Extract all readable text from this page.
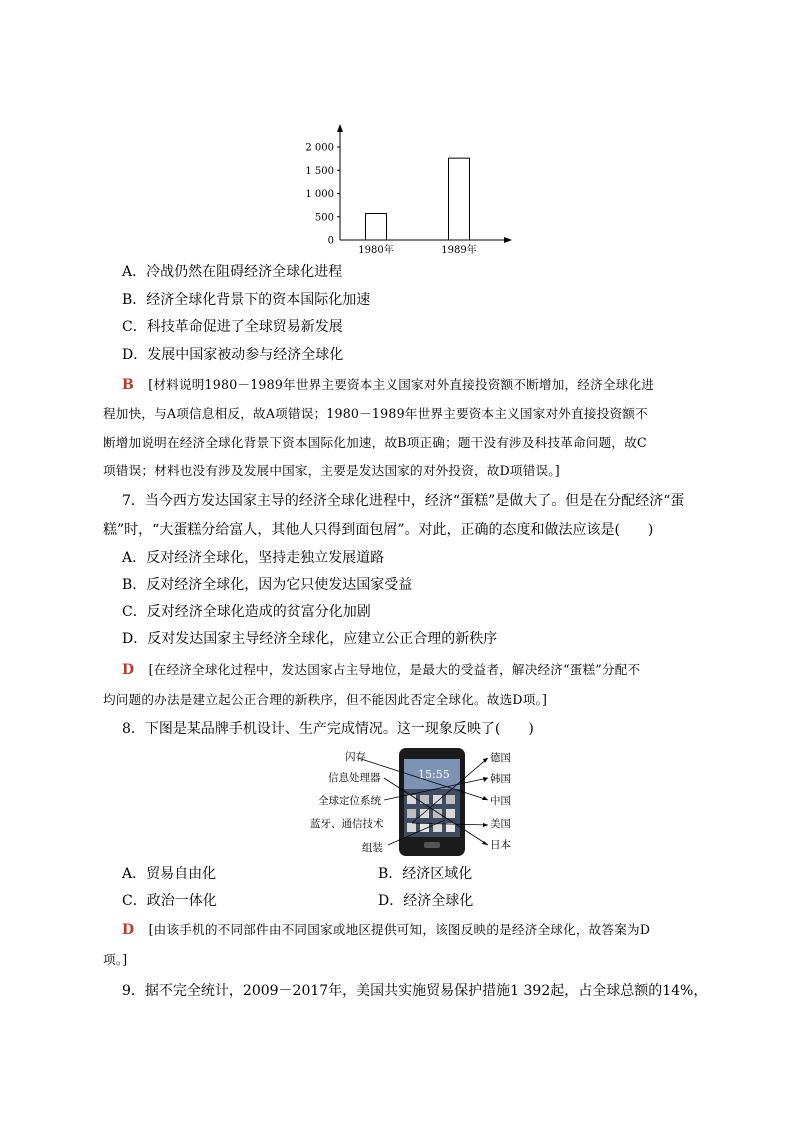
0
500
1 000
1 500
2 000
1980年	1989年
A．冷战仍然在阻碍经济全球化进程
B．经济全球化背景下的资本国际化加速
C．科技革命促进了全球贸易新发展
D．发展中国家被动参与经济全球化
B [材料说明1980－1989年世界主要资本主义国家对外直接投资额不断增加，经济全球化进
程加快，与A项信息相反，故A项错误；1980－1989年世界主要资本主义国家对外直接投资额不
断增加说明在经济全球化背景下资本国际化加速，故B项正确；题干没有涉及科技革命问题，故C
项错误；材料也没有涉及发展中国家，主要是发达国家的对外投资，故D项错误。]
7．当今西方发达国家主导的经济全球化进程中，经济“蛋糕”是做大了。但是在分配经济“蛋
糕”时，“大蛋糕分给富人，其他人只得到面包屑”。对此，正确的态度和做法应该是(　　)
A．反对经济全球化，坚持走独立发展道路
B．反对经济全球化，因为它只使发达国家受益
C．反对经济全球化造成的贫富分化加剧
D．反对发达国家主导经济全球化，应建立公正合理的新秩序
D [在经济全球化过程中，发达国家占主导地位，是最大的受益者，解决经济“蛋糕”分配不
均问题的办法是建立起公正合理的新秩序，但不能因此否定全球化。故选D项。]
8．下图是某品牌手机设计、生产完成情况。这一现象反映了(　　)
15:55
闪存
信息处理器
全球定位系统
蓝牙、通信技术
组装
德国
韩国
中国
美国
日本
A．贸易自由化	B．经济区域化
C．政治一体化	D．经济全球化
D [由该手机的不同部件由不同国家或地区提供可知，该图反映的是经济全球化，故答案为D
项。]
9．据不完全统计，2009－2017年，美国共实施贸易保护措施1 392起，占全球总额的14%，
